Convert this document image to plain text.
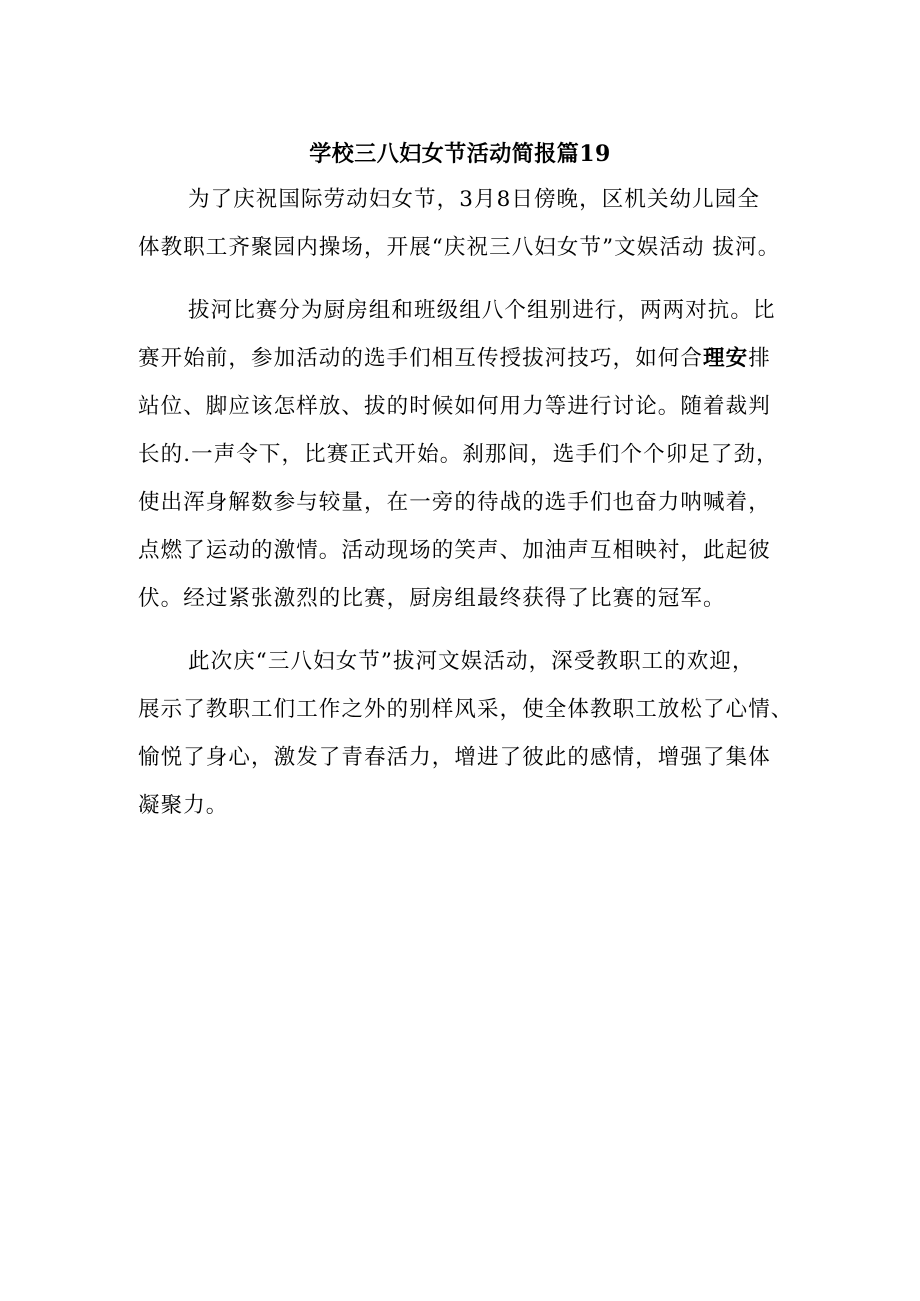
学校三八妇女节活动简报篇19
为了庆祝国际劳动妇女节，3月8日傍晚，区机关幼儿园全
体教职工齐聚园内操场，开展“庆祝三八妇女节”文娱活动 拔河。
拔河比赛分为厨房组和班级组八个组别进行，两两对抗。比
赛开始前，参加活动的选手们相互传授拔河技巧，如何合理安排
站位、脚应该怎样放、拔的时候如何用力等进行讨论。随着裁判
长的.一声令下，比赛正式开始。刹那间，选手们个个卯足了劲，
使出浑身解数参与较量，在一旁的待战的选手们也奋力呐喊着，
点燃了运动的激情。活动现场的笑声、加油声互相映衬，此起彼
伏。经过紧张激烈的比赛，厨房组最终获得了比赛的冠军。
此次庆“三八妇女节”拔河文娱活动，深受教职工的欢迎，
展示了教职工们工作之外的别样风采，使全体教职工放松了心情、
愉悦了身心，激发了青春活力，增进了彼此的感情，增强了集体
凝聚力。
